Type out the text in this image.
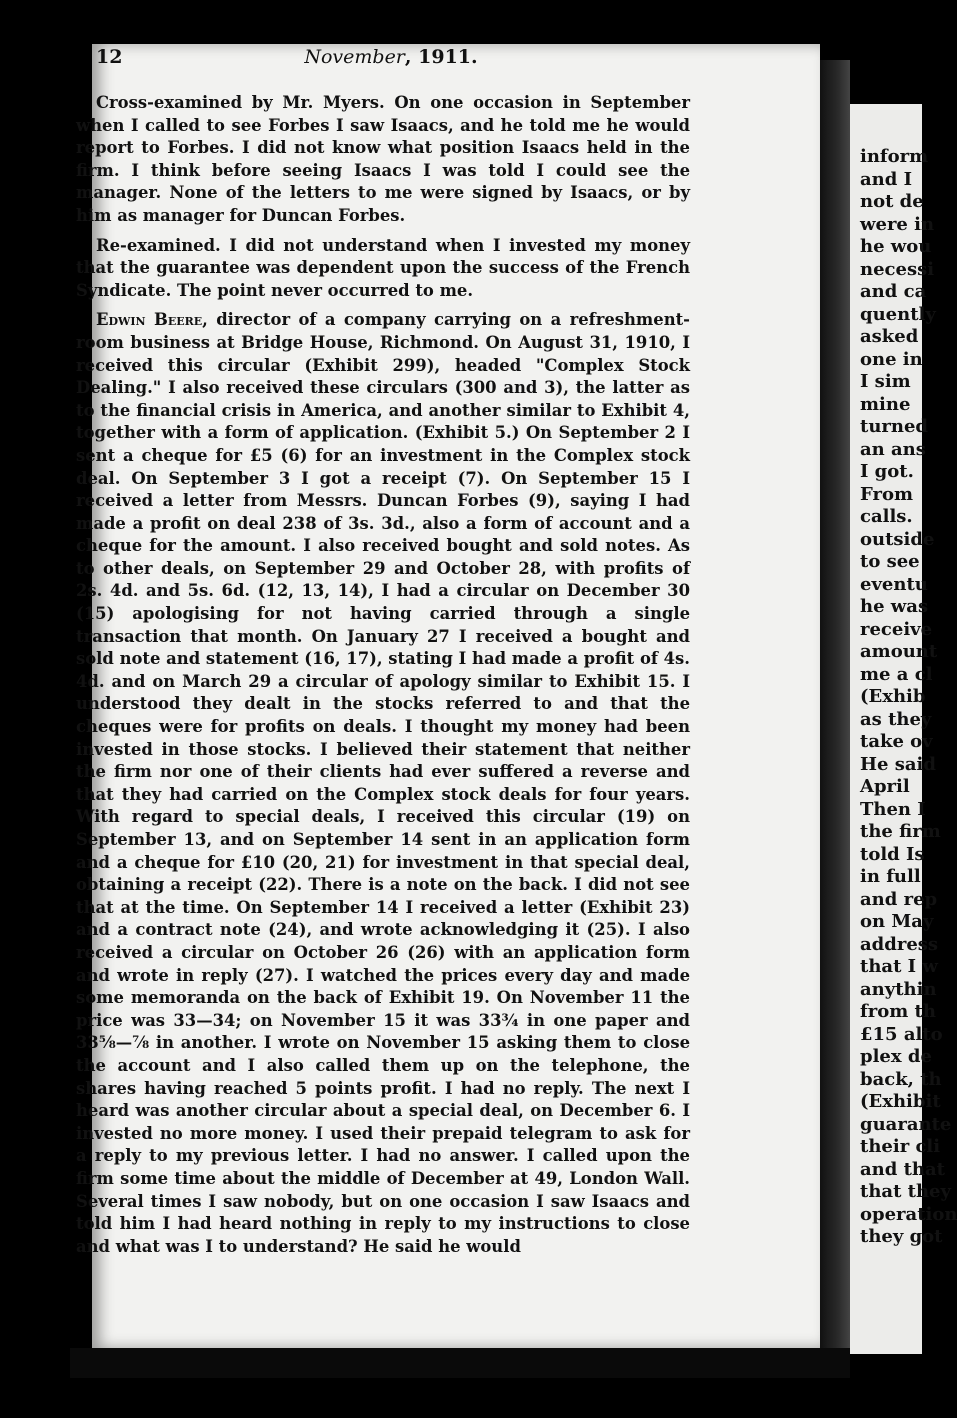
inform
and I
not de
were in
he wou
necessi
and ca
quently
asked
one in
I sim
mine
turned
an ans
I got.
From
calls.
outside
to see
eventu
he was
receive
amount
me a cl
(Exhib
as they
take ov
He said
April
Then I
the firm
told Is
in full
and rep
on May
address
that I w
anythin
from th
£15 alto
plex de
back, th
(Exhibit
guarante
their cli
and that
that they
operation
they got
12	November, 1911.

Cross-examined by Mr. Myers. On one occasion in September when I called to see Forbes I saw Isaacs, and he told me he would report to Forbes. I did not know what position Isaacs held in the firm. I think before seeing Isaacs I was told I could see the manager. None of the letters to me were signed by Isaacs, or by him as manager for Duncan Forbes.

Re-examined. I did not understand when I invested my money that the guarantee was dependent upon the success of the French Syndicate. The point never occurred to me.

Edwin Beere, director of a company carrying on a refreshment-room business at Bridge House, Richmond. On August 31, 1910, I received this circular (Exhibit 299), headed "Complex Stock Dealing." I also received these circulars (300 and 3), the latter as to the financial crisis in America, and another similar to Exhibit 4, together with a form of application. (Exhibit 5.) On September 2 I sent a cheque for £5 (6) for an investment in the Complex stock deal. On September 3 I got a receipt (7). On September 15 I received a letter from Messrs. Duncan Forbes (9), saying I had made a profit on deal 238 of 3s. 3d., also a form of account and a cheque for the amount. I also received bought and sold notes. As to other deals, on September 29 and October 28, with profits of 2s. 4d. and 5s. 6d. (12, 13, 14), I had a circular on December 30 (15) apologising for not having carried through a single transaction that month. On January 27 I received a bought and sold note and statement (16, 17), stating I had made a profit of 4s. 4d. and on March 29 a circular of apology similar to Exhibit 15. I understood they dealt in the stocks referred to and that the cheques were for profits on deals. I thought my money had been invested in those stocks. I believed their statement that neither the firm nor one of their clients had ever suffered a reverse and that they had carried on the Complex stock deals for four years. With regard to special deals, I received this circular (19) on September 13, and on September 14 sent in an application form and a cheque for £10 (20, 21) for investment in that special deal, obtaining a receipt (22). There is a note on the back. I did not see that at the time. On September 14 I received a letter (Exhibit 23) and a contract note (24), and wrote acknowledging it (25). I also received a circular on October 26 (26) with an application form and wrote in reply (27). I watched the prices every day and made some memoranda on the back of Exhibit 19. On November 11 the price was 33—34; on November 15 it was 33¾ in one paper and 33⅝—⅞ in another. I wrote on November 15 asking them to close the account and I also called them up on the telephone, the shares having reached 5 points profit. I had no reply. The next I heard was another circular about a special deal, on December 6. I invested no more money. I used their prepaid telegram to ask for a reply to my previous letter. I had no answer. I called upon the firm some time about the middle of December at 49, London Wall. Several times I saw nobody, but on one occasion I saw Isaacs and told him I had heard nothing in reply to my instructions to close and what was I to understand? He said he would
